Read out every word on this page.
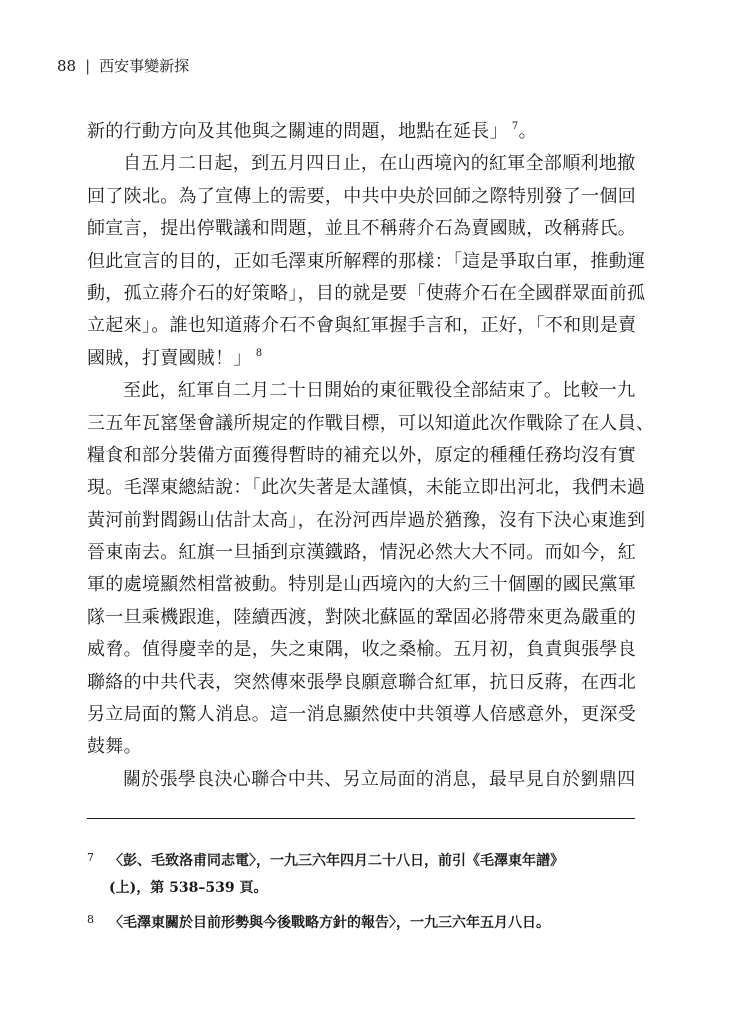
88 | 西安事變新探
新的行動方向及其他與之關連的問題，地點在延長」 $^7$。
自五月二日起，到五月四日止，在山西境內的紅軍全部順利地撤
回了陝北。為了宣傳上的需要，中共中央於回師之際特別發了一個回
師宣言，提出停戰議和問題，並且不稱蔣介石為賣國賊，改稱蔣氏。
但此宣言的目的，正如毛澤東所解釋的那樣：「這是爭取白軍，推動運
動，孤立蔣介石的好策略」，目的就是要「使蔣介石在全國群眾面前孤
立起來」。誰也知道蔣介石不會與紅軍握手言和，正好，「不和則是賣
國賊，打賣國賊！」 $^8$
至此，紅軍自二月二十日開始的東征戰役全部結束了。比較一九
三五年瓦窰堡會議所規定的作戰目標，可以知道此次作戰除了在人員、
糧食和部分裝備方面獲得暫時的補充以外，原定的種種任務均沒有實
現。毛澤東總結說：「此次失著是太謹慎，未能立即出河北，我們未過
黃河前對閻錫山估計太高」，在汾河西岸過於猶豫，沒有下決心東進到
晉東南去。紅旗一旦插到京漢鐵路，情況必然大大不同。而如今，紅
軍的處境顯然相當被動。特別是山西境內的大約三十個團的國民黨軍
隊一旦乘機跟進，陸續西渡，對陝北蘇區的鞏固必將帶來更為嚴重的
威脅。值得慶幸的是，失之東隅，收之桑榆。五月初，負責與張學良
聯絡的中共代表，突然傳來張學良願意聯合紅軍，抗日反蔣，在西北
另立局面的驚人消息。這一消息顯然使中共領導人倍感意外，更深受
鼓舞。
關於張學良決心聯合中共、另立局面的消息，最早見自於劉鼎四
7	〈彭、毛致洛甫同志電〉，一九三六年四月二十八日，前引《毛澤東年譜》
(上)，第 538–539 頁。
8	〈毛澤東關於目前形勢與今後戰略方針的報告〉，一九三六年五月八日。
